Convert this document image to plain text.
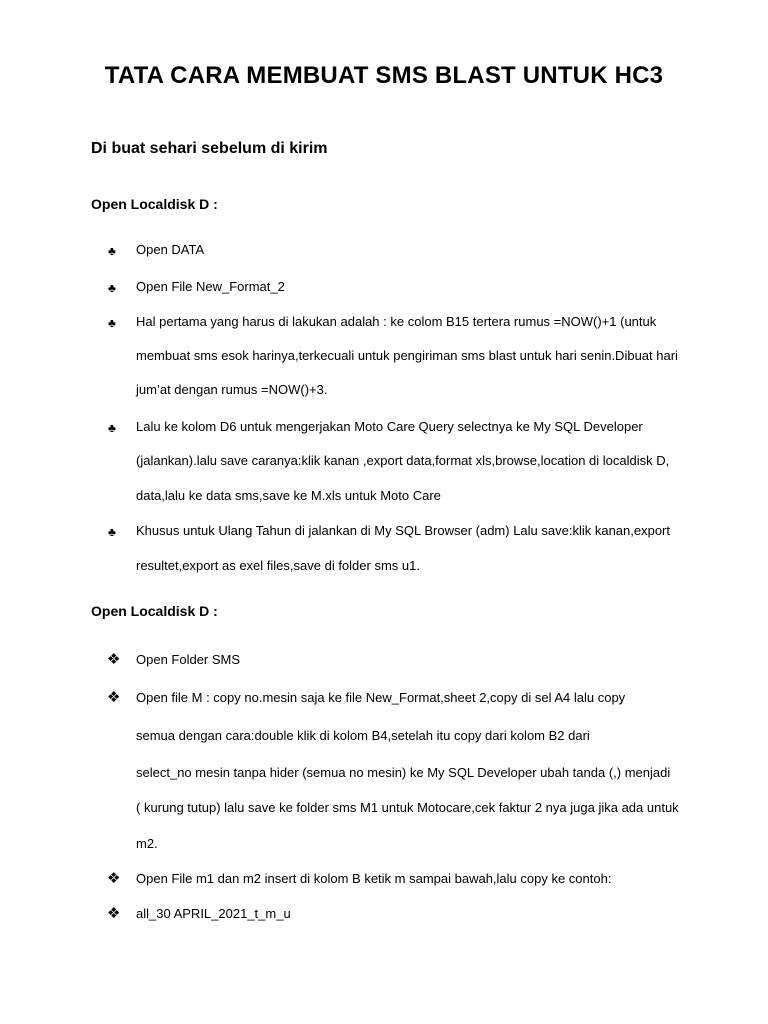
TATA CARA MEMBUAT SMS BLAST UNTUK HC3
Di buat sehari sebelum di kirim
Open Localdisk D :
♣ Open DATA
♣ Open File New_Format_2
♣ Hal pertama yang harus di lakukan adalah : ke colom B15 tertera rumus =NOW()+1 (untuk
membuat sms esok harinya,terkecuali untuk pengiriman sms blast untuk hari senin.Dibuat hari
jum’at dengan rumus =NOW()+3.
♣ Lalu ke kolom D6 untuk mengerjakan Moto Care Query selectnya ke My SQL Developer
(jalankan).lalu save caranya:klik kanan ,export data,format xls,browse,location di localdisk D,
data,lalu ke data sms,save ke M.xls untuk Moto Care
♣ Khusus untuk Ulang Tahun di jalankan di My SQL Browser (adm) Lalu save:klik kanan,export
resultet,export as exel files,save di folder sms u1.
Open Localdisk D :
❖ Open Folder SMS
❖ Open file M : copy no.mesin saja ke file New_Format,sheet 2,copy di sel A4 lalu copy
semua dengan cara:double klik di kolom B4,setelah itu copy dari kolom B2 dari
select_no mesin tanpa hider (semua no mesin) ke My SQL Developer ubah tanda (,) menjadi
( kurung tutup) lalu save ke folder sms M1 untuk Motocare,cek faktur 2 nya juga jika ada untuk
m2.
❖ Open File m1 dan m2 insert di kolom B ketik m sampai bawah,lalu copy ke contoh:
❖ all_30 APRIL_2021_t_m_u
